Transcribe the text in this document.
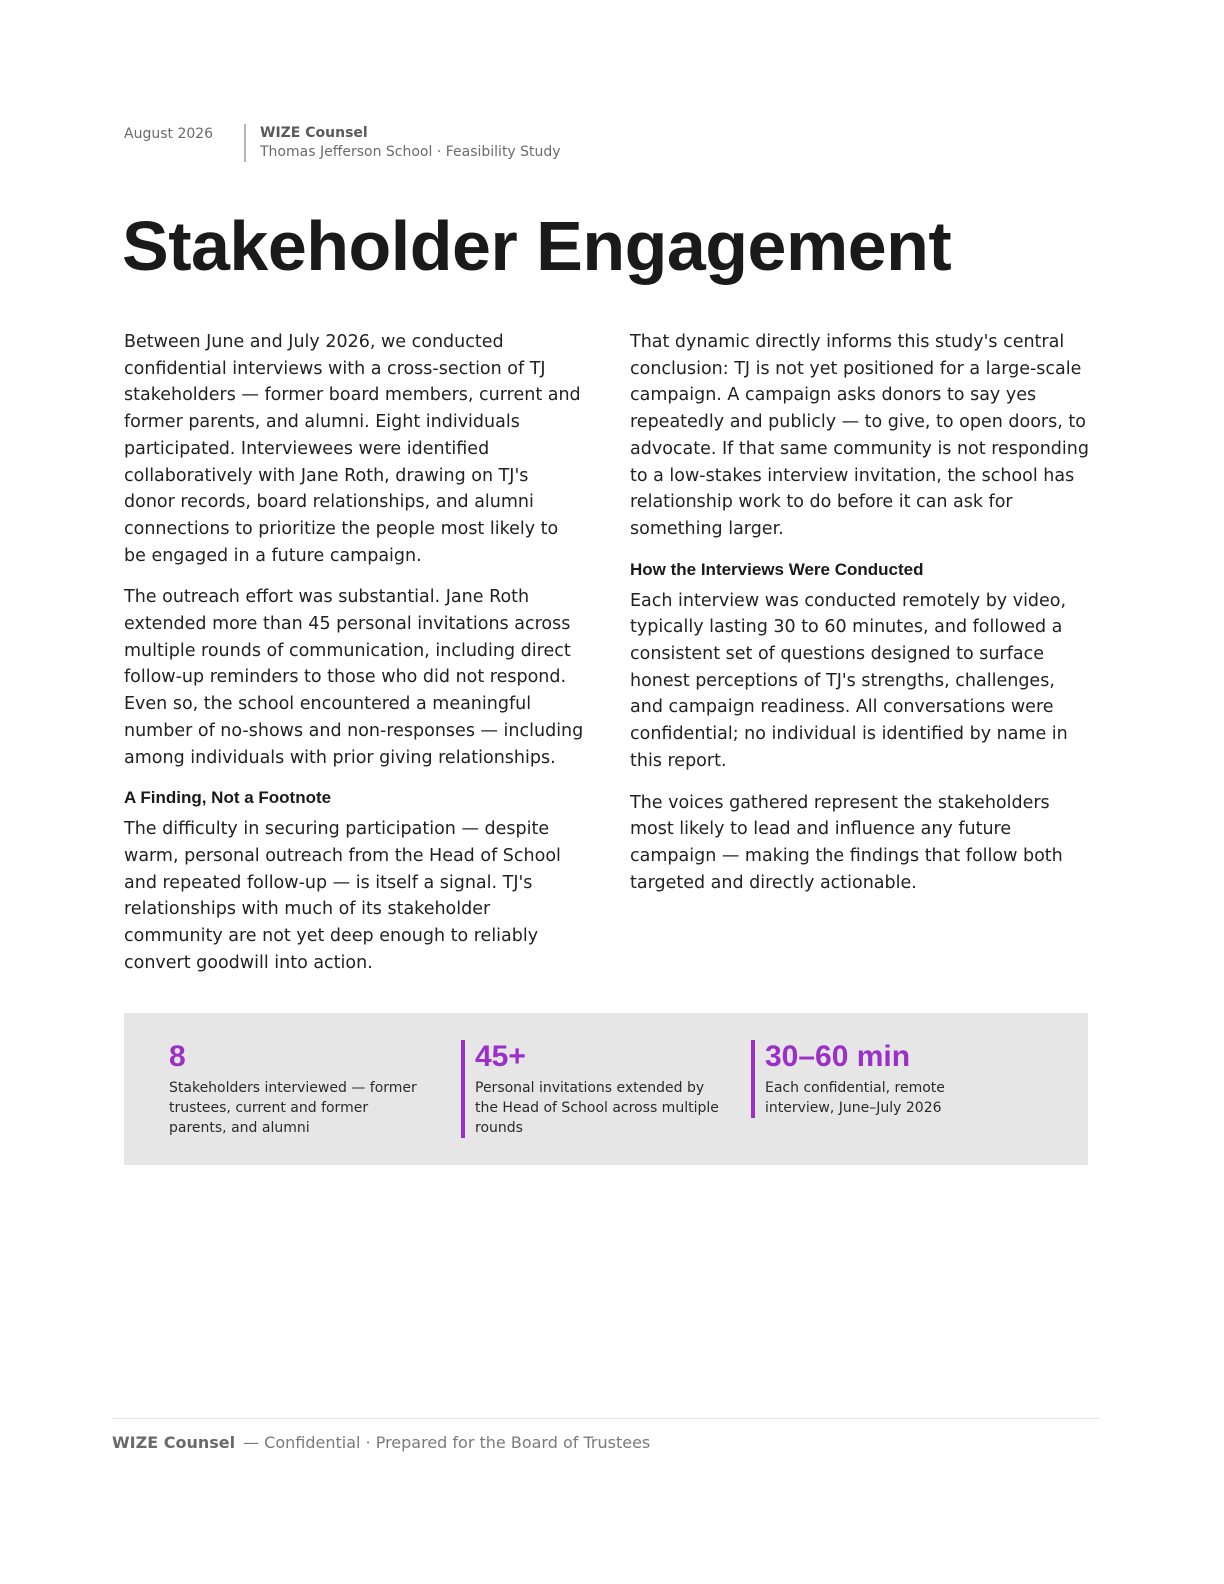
August 2026	WIZE Counsel
Thomas Jefferson School · Feasibility Study
Stakeholder Engagement

Between June and July 2026, we conducted confidential interviews with a cross-section of TJ stakeholders — former board members, current and former parents, and alumni. Eight individuals participated. Interviewees were identified collaboratively with Jane Roth, drawing on TJ's donor records, board relationships, and alumni connections to prioritize the people most likely to be engaged in a future campaign.

The outreach effort was substantial. Jane Roth extended more than 45 personal invitations across multiple rounds of communication, including direct follow-up reminders to those who did not respond. Even so, the school encountered a meaningful number of no-shows and non-responses — including among individuals with prior giving relationships.

A Finding, Not a Footnote

The difficulty in securing participation — despite warm, personal outreach from the Head of School and repeated follow-up — is itself a signal. TJ's relationships with much of its stakeholder community are not yet deep enough to reliably convert goodwill into action.

That dynamic directly informs this study's central conclusion: TJ is not yet positioned for a large-scale campaign. A campaign asks donors to say yes repeatedly and publicly — to give, to open doors, to advocate. If that same community is not responding to a low-stakes interview invitation, the school has relationship work to do before it can ask for something larger.

How the Interviews Were Conducted

Each interview was conducted remotely by video, typically lasting 30 to 60 minutes, and followed a consistent set of questions designed to surface honest perceptions of TJ's strengths, challenges, and campaign readiness. All conversations were confidential; no individual is identified by name in this report.

The voices gathered represent the stakeholders most likely to lead and influence any future campaign — making the findings that follow both targeted and directly actionable.

8
Stakeholders interviewed — former trustees, current and former parents, and alumni
45+
Personal invitations extended by the Head of School across multiple rounds
30–60 min
Each confidential, remote interview, June–July 2026
WIZE Counsel — Confidential · Prepared for the Board of Trustees
